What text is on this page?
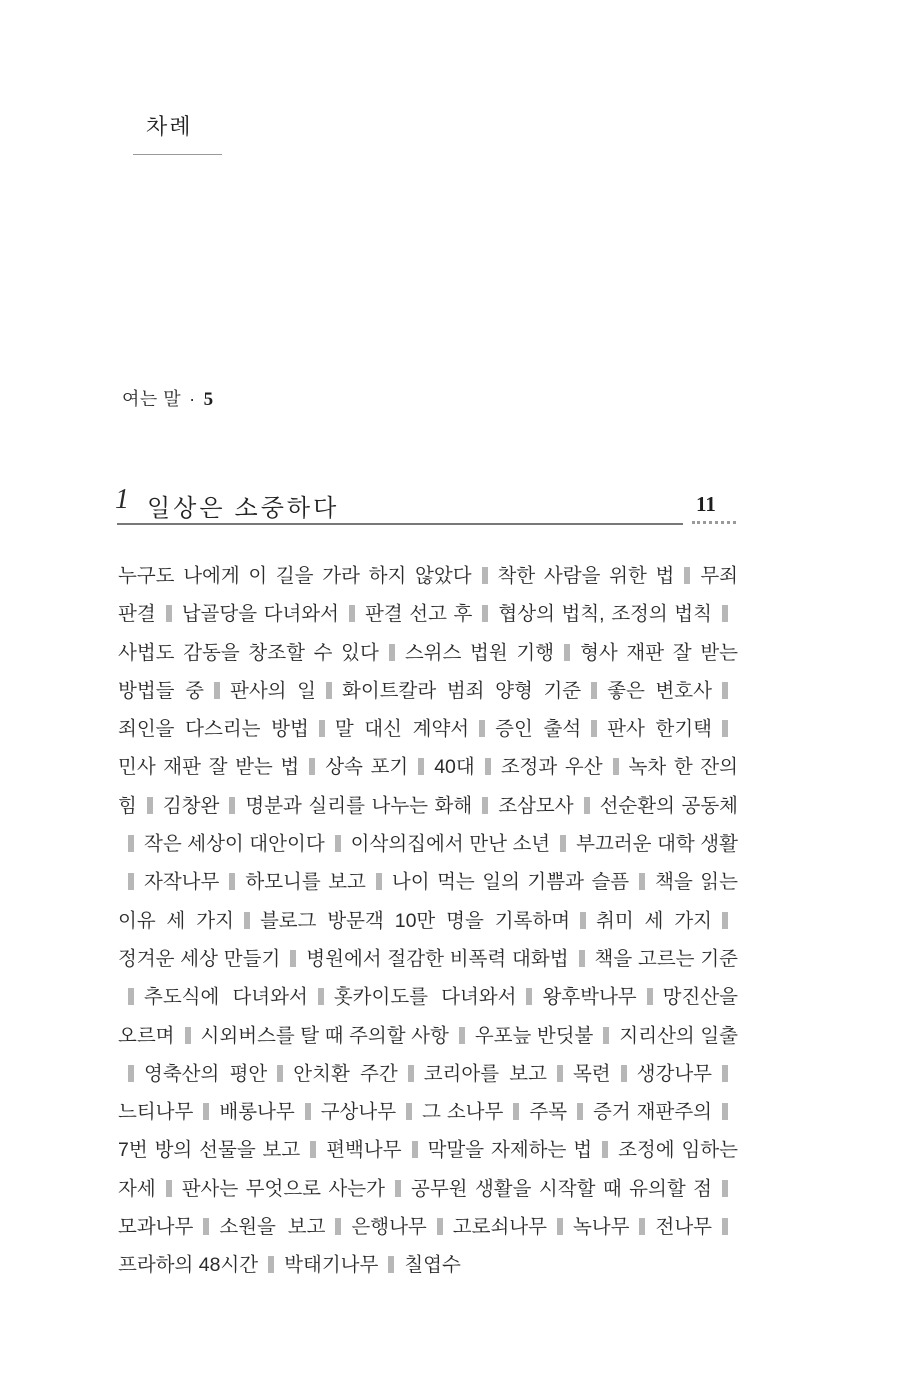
차례
여는 말 · 5
1 일상은 소중하다	11
누구도 나에게 이 길을 가라 하지 않았다 착한 사람을 위한 법 무죄 판결 납골당을 다녀와서 판결 선고 후 협상의 법칙, 조정의 법칙사법도 감동을 창조할 수 있다 스위스 법원 기행 형사 재판 잘 받는 방법들 중 판사의 일 화이트칼라 범죄 양형 기준 좋은 변호사죄인을 다스리는 방법 말 대신 계약서 증인 출석 판사 한기택민사 재판 잘 받는 법 상속 포기 40대 조정과 우산 녹차 한 잔의 힘 김창완 명분과 실리를 나누는 화해 조삼모사 선순환의 공동체작은 세상이 대안이다 이삭의집에서 만난 소년 부끄러운 대학 생활자작나무 하모니를 보고 나이 먹는 일의 기쁨과 슬픔 책을 읽는 이유 세 가지 블로그 방문객 10만 명을 기록하며 취미 세 가지정겨운 세상 만들기 병원에서 절감한 비폭력 대화법 책을 고르는 기준추도식에 다녀와서 홋카이도를 다녀와서 왕후박나무 망진산을 오르며 시외버스를 탈 때 주의할 사항 우포늪 반딧불 지리산의 일출영축산의 평안 안치환 주간 코리아를 보고 목련 생강나무느티나무 배롱나무 구상나무 그 소나무 주목 증거 재판주의7번 방의 선물을 보고 편백나무 막말을 자제하는 법 조정에 임하는 자세 판사는 무엇으로 사는가 공무원 생활을 시작할 때 유의할 점모과나무 소원을 보고 은행나무 고로쇠나무 녹나무 전나무프라하의 48시간 박태기나무 칠엽수
